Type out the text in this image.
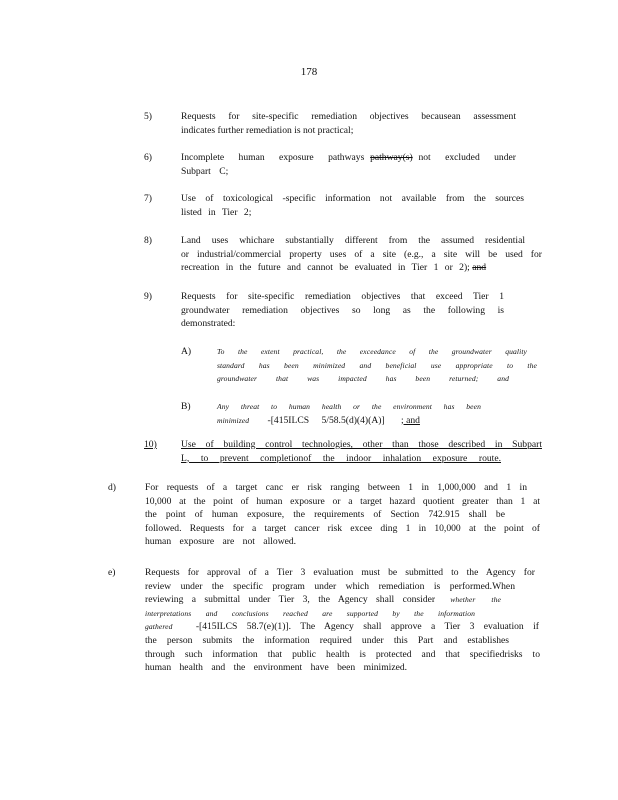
178
5)	Requests for site-specific remediation objectives becausean assessment
indicates further remediation is not practical;
6)	Incomplete human exposure pathways pathway(s) not excluded under
Subpart C;
7)	Use of toxicological -specific information not available from the sources
listed in Tier 2;
8)	Land uses whichare substantially different from the assumed residential
or industrial/commercial property uses of a site (e.g., a site will be used for
recreation in the future and cannot be evaluated in Tier 1 or 2); and
9)	Requests for site-specific remediation objectives that exceed Tier 1
groundwater remediation objectives so long as the following is
demonstrated:
A)	To the extent practical, the exceedance of the groundwater quality
standard has been minimized and beneficial use appropriate to the
groundwater that was impacted has been returned; and
B)	Any threat to human health or the environment has been
minimized -[415ILCS 5/58.5(d)(4)(A)] ; and
10)	Use of building control technologies, other than those described in Subpart
L, to prevent completionof the indoor inhalation exposure route.
d)	For requests of a target canc er risk ranging between 1 in 1,000,000 and 1 in
10,000 at the point of human exposure or a target hazard quotient greater than 1 at
the point of human exposure, the requirements of Section 742.915 shall be
followed. Requests for a target cancer risk excee ding 1 in 10,000 at the point of
human exposure are not allowed.
e)	Requests for approval of a Tier 3 evaluation must be submitted to the Agency for
review under the specific program under which remediation is performed.When
reviewing a submittal under Tier 3, the Agency shall consider whether the
interpretations and conclusions reached are supported by the information
gathered -[415ILCS 58.7(e)(1)]. The Agency shall approve a Tier 3 evaluation if
the person submits the information required under this Part and establishes
through such information that public health is protected and that specifiedrisks to
human health and the environment have been minimized.
